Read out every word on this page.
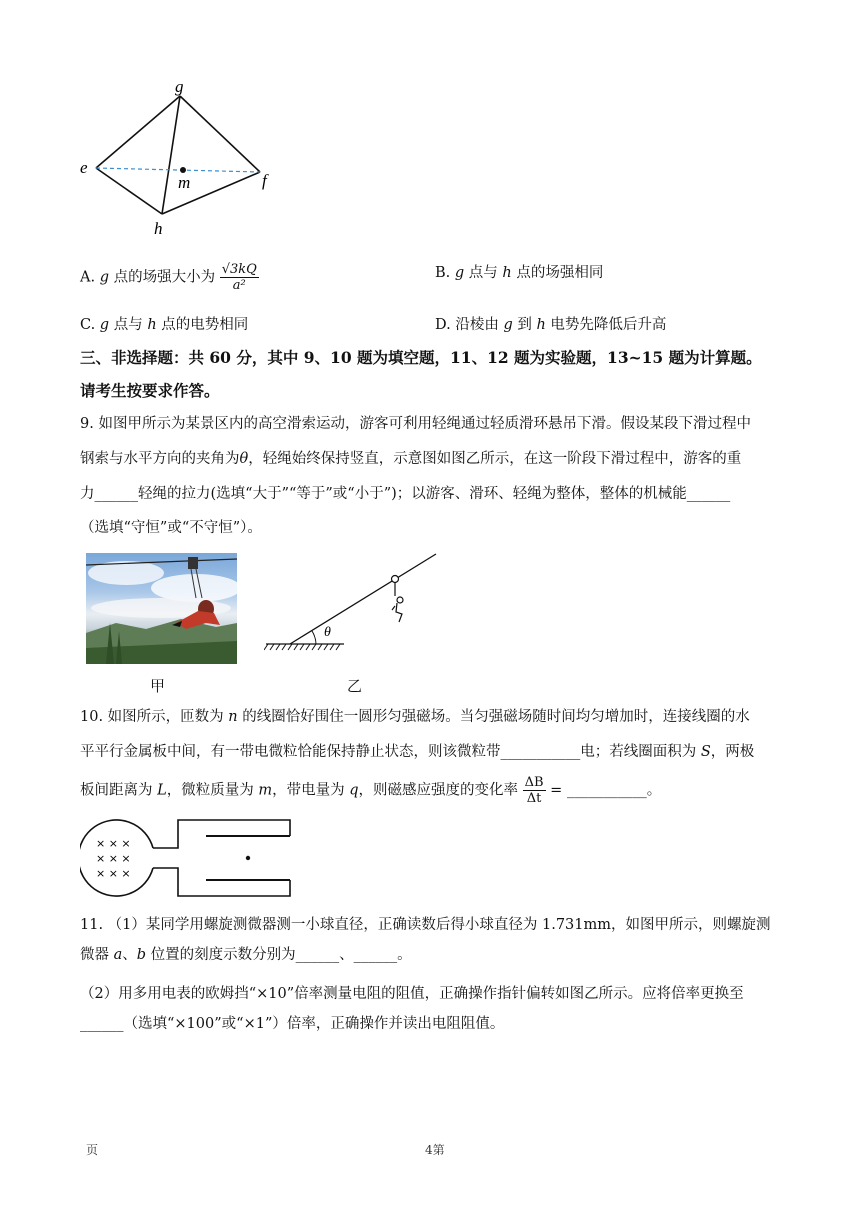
g
e
m	f
h
A. g 点的场强大小为 $\frac{√3kQ}{\text{a²}}$	B. g 点与 h 点的场强相同
C. g 点与 h 点的电势相同	D. 沿棱由 g 到 h 电势先降低后升高
三、非选择题：共 60 分，其中 9、10 题为填空题，11、12 题为实验题，13~15 题为计算题。
请考生按要求作答。
9. 如图甲所示为某景区内的高空滑索运动，游客可利用轻绳通过轻质滑环悬吊下滑。假设某段下滑过程中
钢索与水平方向的夹角为θ，轻绳始终保持竖直，示意图如图乙所示，在这一阶段下滑过程中，游客的重
力______轻绳的拉力(选填“大于”“等于”或“小于”)；以游客、滑环、轻绳为整体，整体的机械能______
（选填“守恒”或“不守恒”）。
甲
θ
乙
10. 如图所示，匝数为 n 的线圈恰好围住一圆形匀强磁场。当匀强磁场随时间均匀增加时，连接线圈的水
平平行金属板中间，有一带电微粒恰能保持静止状态，则该微粒带___________电；若线圈面积为 S，两极
板间距离为 L，微粒质量为 m，带电量为 q，则磁感应强度的变化率 $\frac{\Delta B}{\Delta t}$ = ___________。
× × ×
× × ×
× × ×
11. （1）某同学用螺旋测微器测一小球直径，正确读数后得小球直径为 1.731mm，如图甲所示，则螺旋测
微器 a、b 位置的刻度示数分别为______、______。
（2）用多用电表的欧姆挡“×10”倍率测量电阻的阻值，正确操作指针偏转如图乙所示。应将倍率更换至
______（选填“×100”或“×1”）倍率，正确操作并读出电阻阻值。
页	4第
